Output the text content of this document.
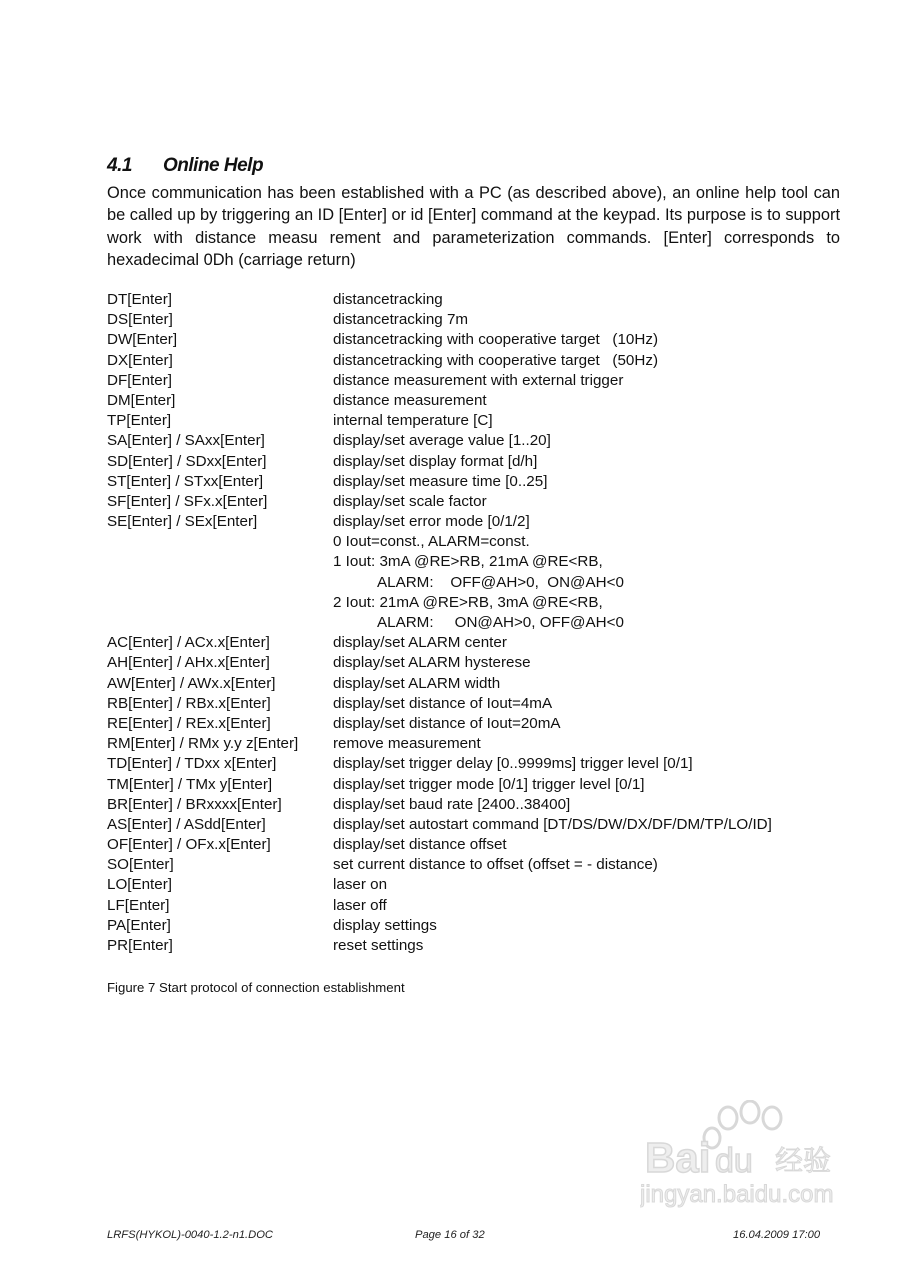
4.1 Online Help
Once communication has been established with a PC (as described above), an online help tool can be called up by triggering an ID [Enter] or id [Enter] command at the keypad. Its purpose is to support work with distance measu rement and parameterization commands. [Enter] corresponds to hexadecimal 0Dh (carriage return)
DT[Enter]	distancetracking
DS[Enter]	distancetracking 7m
DW[Enter]	distancetracking with cooperative target   (10Hz)
DX[Enter]	distancetracking with cooperative target   (50Hz)
DF[Enter]	distance measurement with external trigger
DM[Enter]	distance measurement
TP[Enter]	internal temperature [C]
SA[Enter] / SAxx[Enter]	display/set average value [1..20]
SD[Enter] / SDxx[Enter]	display/set display format [d/h]
ST[Enter] / STxx[Enter]	display/set measure time [0..25]
SF[Enter] / SFx.x[Enter]	display/set scale factor
SE[Enter] / SEx[Enter]	display/set error mode [0/1/2]
0 Iout=const., ALARM=const.
1 Iout: 3mA @RE>RB, 21mA @RE<RB,
ALARM:    OFF@AH>0,  ON@AH<0
2 Iout: 21mA @RE>RB, 3mA @RE<RB,
ALARM:     ON@AH>0, OFF@AH<0
AC[Enter] / ACx.x[Enter]	display/set ALARM center
AH[Enter] / AHx.x[Enter]	display/set ALARM hysterese
AW[Enter] / AWx.x[Enter]	display/set ALARM width
RB[Enter] / RBx.x[Enter]	display/set distance of Iout=4mA
RE[Enter] / REx.x[Enter]	display/set distance of Iout=20mA
RM[Enter] / RMx y.y z[Enter]	remove measurement
TD[Enter] / TDxx x[Enter]	display/set trigger delay [0..9999ms] trigger level [0/1]
TM[Enter] / TMx y[Enter]	display/set trigger mode [0/1] trigger level [0/1]
BR[Enter] / BRxxxx[Enter]	display/set baud rate [2400..38400]
AS[Enter] / ASdd[Enter]	display/set autostart command [DT/DS/DW/DX/DF/DM/TP/LO/ID]
OF[Enter] / OFx.x[Enter]	display/set distance offset
SO[Enter]	set current distance to offset (offset = - distance)
LO[Enter]	laser on
LF[Enter]	laser off
PA[Enter]	display settings
PR[Enter]	reset settings
Figure 7 Start protocol of connection establishment
Bai du 经验
jingyan.baidu.com
LRFS(HYKOL)-0040-1.2-n1.DOC	Page 16 of 32	16.04.2009 17:00
